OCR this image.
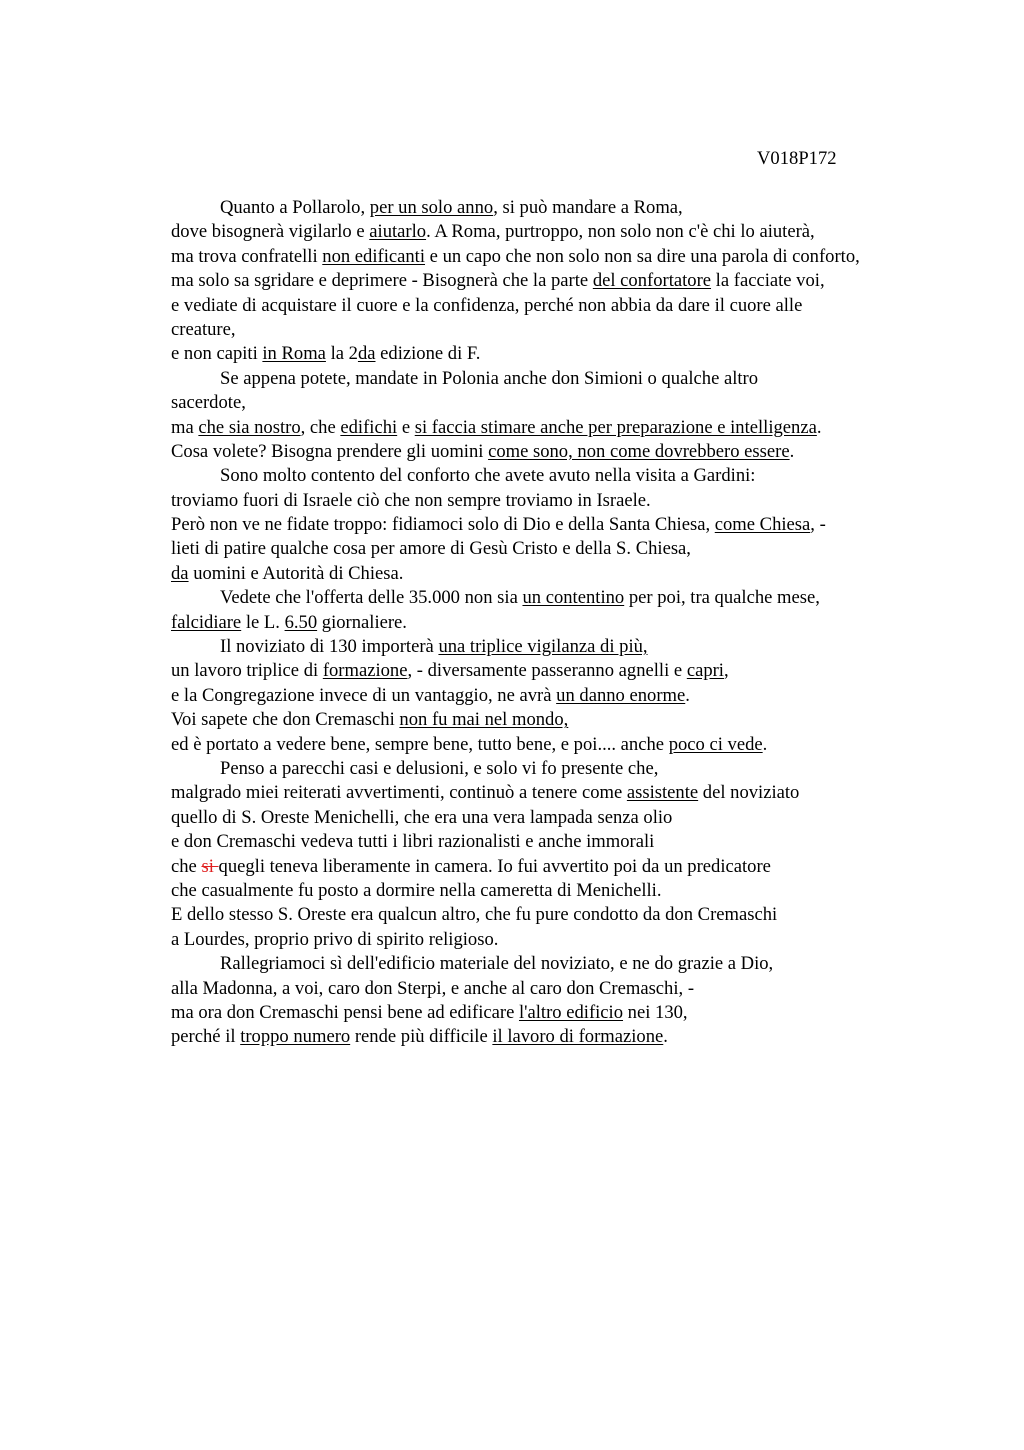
V018P172
Quanto a Pollarolo, per un solo anno, si può mandare a Roma,
dove bisognerà vigilarlo e aiutarlo. A Roma, purtroppo, non solo non c'è chi lo aiuterà,
ma trova confratelli non edificanti e un capo che non solo non sa dire una parola di conforto,
ma solo sa sgridare e deprimere - Bisognerà che la parte del confortatore la facciate voi,
e vediate di acquistare il cuore e la confidenza, perché non abbia da dare il cuore alle
creature,
e non capiti in Roma la 2da edizione di F.
Se appena potete, mandate in Polonia anche don Simioni o qualche altro
sacerdote,
ma che sia nostro, che edifichi e si faccia stimare anche per preparazione e intelligenza.
Cosa volete? Bisogna prendere gli uomini come sono, non come dovrebbero essere.
Sono molto contento del conforto che avete avuto nella visita a Gardini:
troviamo fuori di Israele ciò che non sempre troviamo in Israele.
Però non ve ne fidate troppo: fidiamoci solo di Dio e della Santa Chiesa, come Chiesa, -
lieti di patire qualche cosa per amore di Gesù Cristo e della S. Chiesa,
da uomini e Autorità di Chiesa.
Vedete che l'offerta delle 35.000 non sia un contentino per poi, tra qualche mese,
falcidiare le L. 6.50 giornaliere.
Il noviziato di 130 importerà una triplice vigilanza di più,
un lavoro triplice di formazione, - diversamente passeranno agnelli e capri,
e la Congregazione invece di un vantaggio, ne avrà un danno enorme.
Voi sapete che don Cremaschi non fu mai nel mondo,
ed è portato a vedere bene, sempre bene, tutto bene, e poi.... anche poco ci vede.
Penso a parecchi casi e delusioni, e solo vi fo presente che,
malgrado miei reiterati avvertimenti, continuò a tenere come assistente del noviziato
quello di S. Oreste Menichelli, che era una vera lampada senza olio
e don Cremaschi vedeva tutti i libri razionalisti e anche immorali
che si quegli teneva liberamente in camera. Io fui avvertito poi da un predicatore
che casualmente fu posto a dormire nella cameretta di Menichelli.
E dello stesso S. Oreste era qualcun altro, che fu pure condotto da don Cremaschi
a Lourdes, proprio privo di spirito religioso.
Rallegriamoci sì dell'edificio materiale del noviziato, e ne do grazie a Dio,
alla Madonna, a voi, caro don Sterpi, e anche al caro don Cremaschi, -
ma ora don Cremaschi pensi bene ad edificare l'altro edificio nei 130,
perché il troppo numero rende più difficile il lavoro di formazione.
